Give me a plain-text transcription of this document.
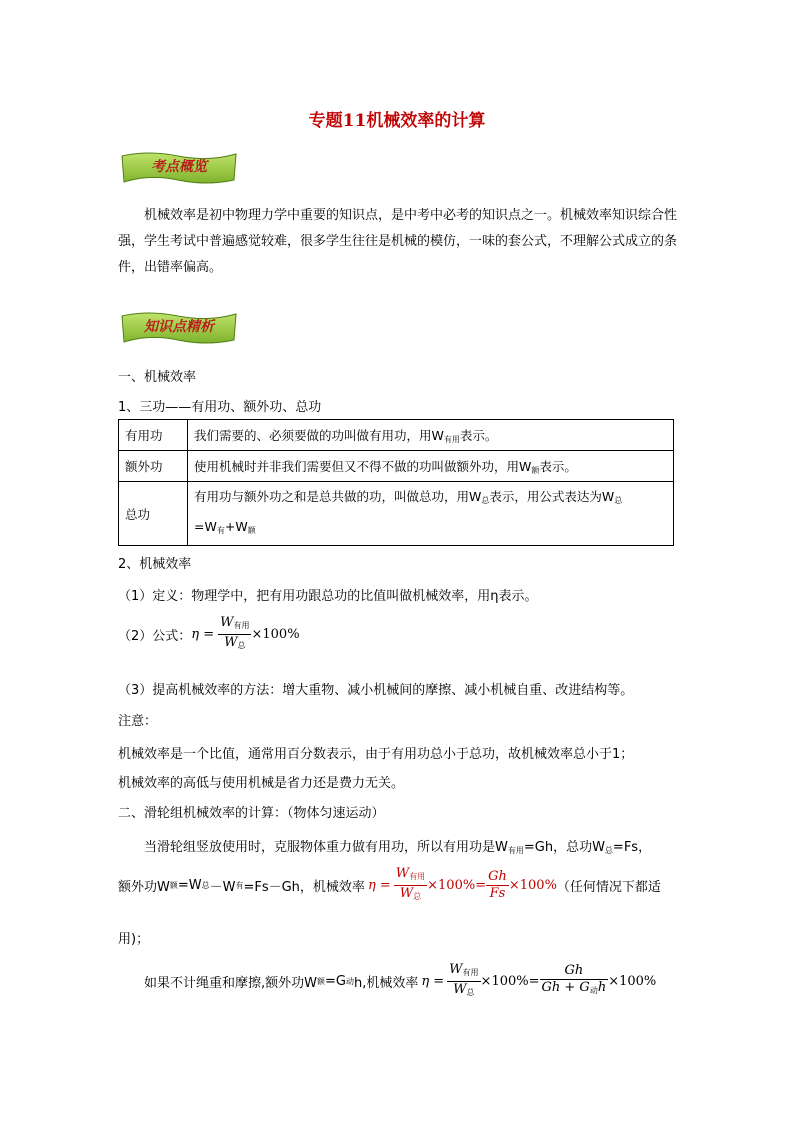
专题11机械效率的计算
考点概览
机械效率是初中物理力学中重要的知识点，是中考中必考的知识点之一。机械效率知识综合性强，学生考试中普遍感觉较难，很多学生往往是机械的模仿，一味的套公式，不理解公式成立的条件，出错率偏高。
知识点精析
一、机械效率
1、三功——有用功、额外功、总功
有用功	我们需要的、必须要做的功叫做有用功，用$W_{有用}$表示。
额外功	使用机械时并非我们需要但又不得不做的功叫做额外功，用$W_额$表示。
总功	有用功与额外功之和是总共做的功，叫做总功，用$W_总$表示，用公式表达为$W_总$
$=W_有+W_额$
2、机械效率
（1）定义：物理学中，把有用功跟总功的比值叫做机械效率，用η表示。
（2）公式： $\eta = \frac{W_{有用}}{W_总} \times 100\%$
（3）提高机械效率的方法：增大重物、减小机械间的摩擦、减小机械自重、改进结构等。
注意：
机械效率是一个比值，通常用百分数表示，由于有用功总小于总功，故机械效率总小于1；
机械效率的高低与使用机械是省力还是费力无关。
二、滑轮组机械效率的计算：（物体匀速运动）
当滑轮组竖放使用时，克服物体重力做有用功，所以有用功是$W_{有用}=Gh$，总功$W_总=Fs$，
额外功W 额 =W 总 －W 有 =Fs－Gh，机械效率 $\eta = \frac{W_{有用}}{W_总} \times 100\%= \frac{Gh}{Fs} \times 100\%$ （任何情况下都适
用)；
如果不计绳重和摩擦,额外功W 额 =G 动 h,机械效率 $\eta = \frac{W_{有用}}{W_总} \times 100\%= \frac{Gh}{Gh + G_动h} \times 100\%$
